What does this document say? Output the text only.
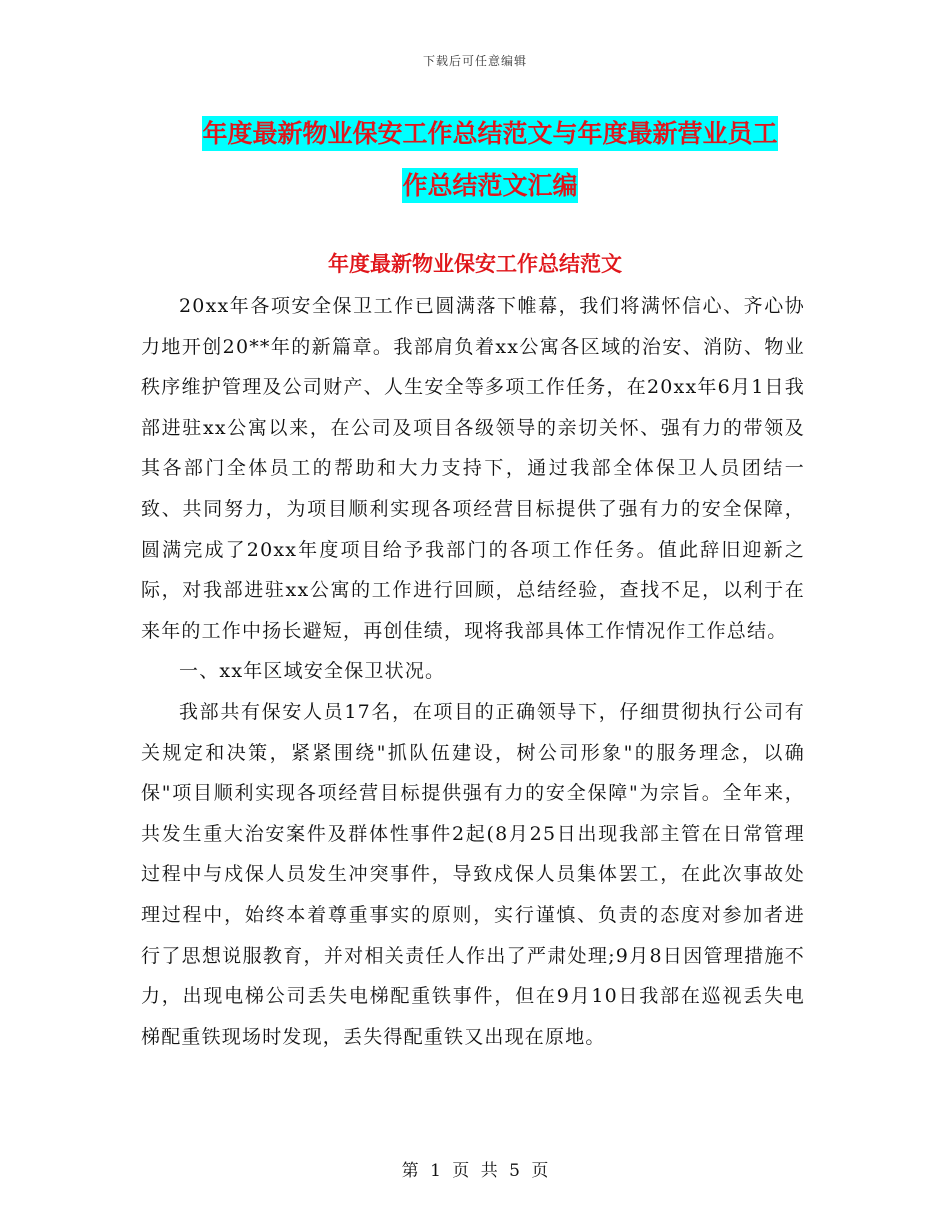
下载后可任意编辑
年度最新物业保安工作总结范文与年度最新营业员工
作总结范文汇编
年度最新物业保安工作总结范文

20xx年各项安全保卫工作已圆满落下帷幕，我们将满怀信心、齐心协力地开创20**年的新篇章。我部肩负着xx公寓各区域的治安、消防、物业秩序维护管理及公司财产、人生安全等多项工作任务，在20xx年6月1日我部进驻xx公寓以来，在公司及项目各级领导的亲切关怀、强有力的带领及其各部门全体员工的帮助和大力支持下，通过我部全体保卫人员团结一致、共同努力，为项目顺利实现各项经营目标提供了强有力的安全保障，圆满完成了20xx年度项目给予我部门的各项工作任务。值此辞旧迎新之际，对我部进驻xx公寓的工作进行回顾，总结经验，查找不足，以利于在来年的工作中扬长避短，再创佳绩，现将我部具体工作情况作工作总结。

一、xx年区域安全保卫状况。

我部共有保安人员17名，在项目的正确领导下，仔细贯彻执行公司有关规定和决策，紧紧围绕"抓队伍建设，树公司形象"的服务理念，以确保"项目顺利实现各项经营目标提供强有力的安全保障"为宗旨。全年来，共发生重大治安案件及群体性事件2起(8月25日出现我部主管在日常管理过程中与戍保人员发生冲突事件，导致戍保人员集体罢工，在此次事故处理过程中，始终本着尊重事实的原则，实行谨慎、负责的态度对参加者进行了思想说服教育，并对相关责任人作出了严肃处理;9月8日因管理措施不力，出现电梯公司丢失电梯配重铁事件，但在9月10日我部在巡视丢失电梯配重铁现场时发现，丢失得配重铁又出现在原地。

第 1 页 共 5 页
